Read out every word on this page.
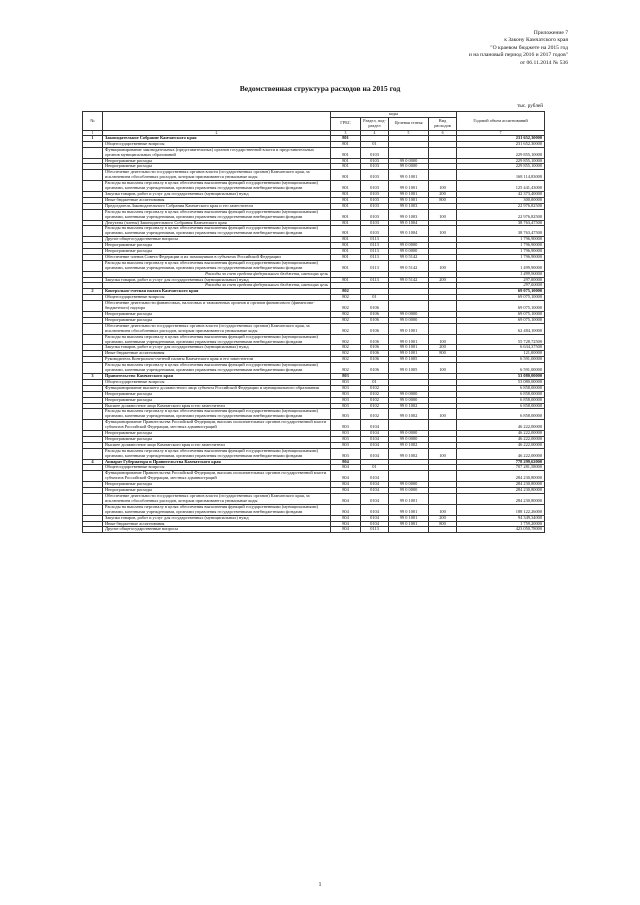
Приложение 7
к Закону Камчатского края
"О краевом бюджете на 2015 год
и на плановый период 2016 и 2017 годов"
от 06.11.2014 № 536
Ведомственная структура расходов на 2015 год
тыс. рублей
№		коды				Годовой объем ассигнований
		ГРБС	Раздел, под-раздел	Целевая статья	Вид расходов	
1	2	3	4	5	6	7
1	Законодательное Собрание Камчатского края	801				231 652,30000
	Общегосударственные вопросы	801	01			231 652,30000
	Функционирование законодательных (представительных) органов государственной власти и представительных органов муниципальных образований	801	0103			229 855,10000
	Непрограммные расходы	801	0103	99 0 0000		229 855,10000
	Непрограммные расходы	801	0103	99 0 0000		229 855,10000
	Обеспечение деятельности государственных органов власти (государственных органов) Камчатского края, за исключением обособленных расходов, которым присваиваются уникальные коды	801	0103	99 0 1001		168 114,83000
	Расходы на выплаты персоналу в целях обеспечения выполнения функций государственными (муниципальными) органами, казенными учреждениями, органами управления государственными внебюджетными фондами	801	0103	99 0 1001	100	125 441,43000
	Закупка товаров, работ и услуг для государственных (муниципальных) нужд	801	0103	99 0 1001	200	42 373,40000
	Иные бюджетные ассигнования	801	0103	99 0 1001	800	300,00000
	Председатель Законодательного Собрания Камчатского края и его заместители	801	0103	99 0 1003		22 976,82500
	Расходы на выплаты персоналу в целях обеспечения выполнения функций государственными (муниципальными) органами, казенными учреждениями, органами управления государственными внебюджетными фондами	801	0103	99 0 1003	100	22 976,82500
	Депутаты (члены) Законодательного Собрания Камчатского края	801	0103	99 0 1004		38 763,47500
	Расходы на выплаты персоналу в целях обеспечения выполнения функций государственными (муниципальными) органами, казенными учреждениями, органами управления государственными внебюджетными фондами	801	0103	99 0 1004	100	38 763,47500
	Другие общегосударственные вопросы	801	0113			1 796,90000
	Непрограммные расходы	801	0113	99 0 0000		1 796,90000
	Непрограммные расходы	801	0113	99 0 0000		1 796,90000
	Обеспечение членов Совета Федерации и их помощников в субъектах Российской Федерации	801	0113	99 0 5142		1 796,90000
	Расходы на выплаты персоналу в целях обеспечения выполнения функций государственными (муниципальными) органами, казенными учреждениями, органами управления государственными внебюджетными фондами	801	0113	99 0 5142	100	1 499,90000
	Расходы за счет средств федерального бюджета, имеющих цель					1 499,90000
	Закупка товаров, работ и услуг для государственных (муниципальных) нужд	801	0113	99 0 5142	200	297,00000
	Расходы за счет средств федерального бюджета, имеющих цель					297,00000
2	Контрольно-счетная палата Камчатского края	802				69 075,10000
	Общегосударственные вопросы	802	01			69 075,10000
	Обеспечение деятельности финансовых, налоговых и таможенных органов и органов финансового (финансово-бюджетного) надзора	802	0106			69 075,10000
	Непрограммные расходы	802	0106	99 0 0000		69 075,10000
	Непрограммные расходы	802	0106	99 0 0000		69 075,10000
	Обеспечение деятельности государственных органов власти (государственных органов) Камчатского края, за исключением обособленных расходов, которым присваиваются уникальные коды	802	0106	99 0 1001		62 484,10000
	Расходы на выплаты персоналу в целях обеспечения выполнения функций государственными (муниципальными) органами, казенными учреждениями, органами управления государственными внебюджетными фондами	802	0106	99 0 1001	100	55 728,72500
	Закупка товаров, работ и услуг для государственных (муниципальных) нужд	802	0106	99 0 1001	200	6 634,37500
	Иные бюджетные ассигнования	802	0106	99 0 1001	800	121,00000
	Руководитель Контрольно-счетной палаты Камчатского края и его заместители	802	0106	99 0 1005		6 591,00000
	Расходы на выплаты персоналу в целях обеспечения выполнения функций государственными (муниципальными) органами, казенными учреждениями, органами управления государственными внебюджетными фондами	802	0106	99 0 1005	100	6 591,00000
3	Правительство Камчатского края	803				53 080,00000
	Общегосударственные вопросы	803	01			53 080,00000
	Функционирование высшего должностного лица субъекта Российской Федерации и муниципального образования	803	0102			6 858,00000
	Непрограммные расходы	803	0102	99 0 0000		6 858,00000
	Непрограммные расходы	803	0102	99 0 0000		6 858,00000
	Высшее должностное лицо Камчатского края и его заместители	803	0102	99 0 1002		6 858,00000
	Расходы на выплаты персоналу в целях обеспечения выполнения функций государственными (муниципальными) органами, казенными учреждениями, органами управления государственными внебюджетными фондами	803	0102	99 0 1002	100	6 858,00000
	Функционирование Правительства Российской Федерации, высших исполнительных органов государственной власти субъектов Российской Федерации, местных администраций	803	0104			46 222,00000
	Непрограммные расходы	803	0104	99 0 0000		46 222,00000
	Непрограммные расходы	803	0104	99 0 0000		46 222,00000
	Высшее должностное лицо Камчатского края и его заместители	803	0104	99 0 1002		46 222,00000
	Расходы на выплаты персоналу в целях обеспечения выполнения функций государственными (муниципальными) органами, казенными учреждениями, органами управления государственными внебюджетными фондами	803	0104	99 0 1002	100	46 222,00000
4	Аппарат Губернатора и Правительства Камчатского края	804				778 299,62000
	Общегосударственные вопросы	804	01			707 281,58000
	Функционирование Правительства Российской Федерации, высших исполнительных органов государственной власти субъектов Российской Федерации, местных администраций	804	0104			284 230,80000
	Непрограммные расходы	804	0104	99 0 0000		284 230,80000
	Непрограммные расходы	804	0104	99 0 0000		284 230,80000
	Обеспечение деятельности государственных органов власти (государственных органов) Камчатского края, за исключением обособленных расходов, которым присваиваются уникальные коды	804	0104	99 0 1001		284 230,80000
	Расходы на выплаты персоналу в целях обеспечения выполнения функций государственными (муниципальными) органами, казенными учреждениями, органами управления государственными внебюджетными фондами	804	0104	99 0 1001	100	188 122,26000
	Закупка товаров, работ и услуг для государственных (муниципальных) нужд	804	0104	99 0 1001	200	94 349,34000
	Иные бюджетные ассигнования	804	0104	99 0 1001	800	1 759,20000
	Другие общегосударственные вопросы	804	0113			423 050,78000
1
